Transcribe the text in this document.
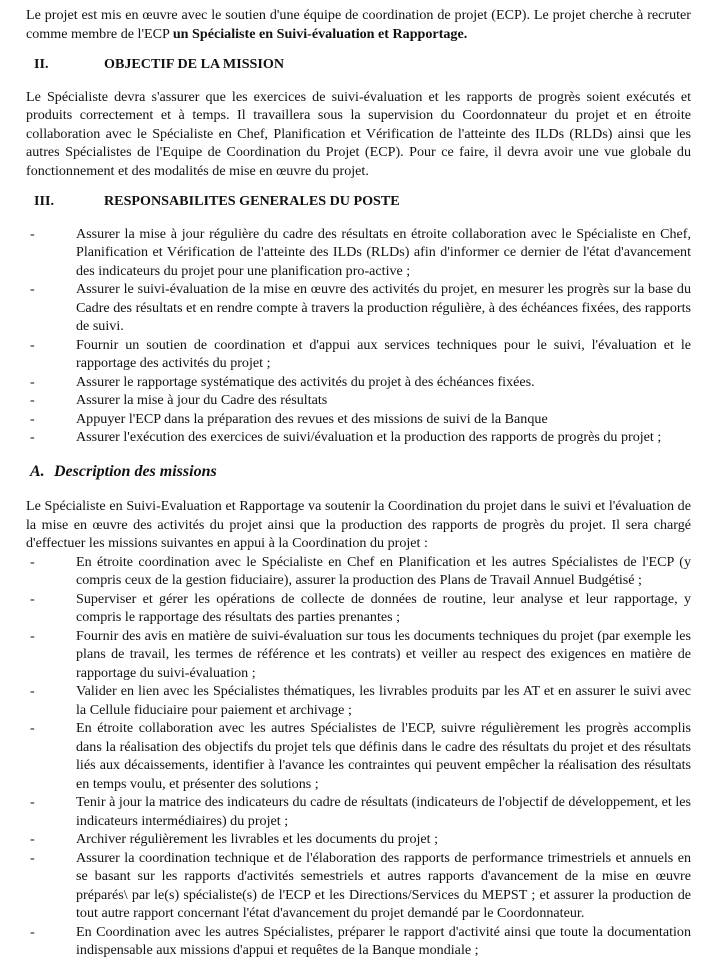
Le projet est mis en œuvre avec le soutien d'une équipe de coordination de projet (ECP). Le projet cherche à recruter comme membre de l'ECP un Spécialiste en Suivi-évaluation et Rapportage.

II.	OBJECTIF DE LA MISSION

Le Spécialiste devra s'assurer que les exercices de suivi-évaluation et les rapports de progrès soient exécutés et produits correctement et à temps. Il travaillera sous la supervision du Coordonnateur du projet et en étroite collaboration avec le Spécialiste en Chef, Planification et Vérification de l'atteinte des ILDs (RLDs) ainsi que les autres Spécialistes de l'Equipe de Coordination du Projet (ECP). Pour ce faire, il devra avoir une vue globale du fonctionnement et des modalités de mise en œuvre du projet.

III.	RESPONSABILITES GENERALES DU POSTE
- Assurer la mise à jour régulière du cadre des résultats en étroite collaboration avec le Spécialiste en Chef, Planification et Vérification de l'atteinte des ILDs (RLDs) afin d'informer ce dernier de l'état d'avancement des indicateurs du projet pour une planification pro-active ;
- Assurer le suivi-évaluation de la mise en œuvre des activités du projet, en mesurer les progrès sur la base du Cadre des résultats et en rendre compte à travers la production régulière, à des échéances fixées, des rapports de suivi.
- Fournir un soutien de coordination et d'appui aux services techniques pour le suivi, l'évaluation et le rapportage des activités du projet ;
- Assurer le rapportage systématique des activités du projet à des échéances fixées.
- Assurer la mise à jour du Cadre des résultats
- Appuyer l'ECP dans la préparation des revues et des missions de suivi de la Banque
- Assurer l'exécution des exercices de suivi/évaluation et la production des rapports de progrès du projet ;
A. Description des missions

Le Spécialiste en Suivi-Evaluation et Rapportage va soutenir la Coordination du projet dans le suivi et l'évaluation de la mise en œuvre des activités du projet ainsi que la production des rapports de progrès du projet. Il sera chargé d'effectuer les missions suivantes en appui à la Coordination du projet :

- En étroite coordination avec le Spécialiste en Chef en Planification et les autres Spécialistes de l'ECP (y compris ceux de la gestion fiduciaire), assurer la production des Plans de Travail Annuel Budgétisé ;
- Superviser et gérer les opérations de collecte de données de routine, leur analyse et leur rapportage, y compris le rapportage des résultats des parties prenantes ;
- Fournir des avis en matière de suivi-évaluation sur tous les documents techniques du projet (par exemple les plans de travail, les termes de référence et les contrats) et veiller au respect des exigences en matière de rapportage du suivi-évaluation ;
- Valider en lien avec les Spécialistes thématiques, les livrables produits par les AT et en assurer le suivi avec la Cellule fiduciaire pour paiement et archivage ;
- En étroite collaboration avec les autres Spécialistes de l'ECP, suivre régulièrement les progrès accomplis dans la réalisation des objectifs du projet tels que définis dans le cadre des résultats du projet et des résultats liés aux décaissements, identifier à l'avance les contraintes qui peuvent empêcher la réalisation des résultats en temps voulu, et présenter des solutions ;
- Tenir à jour la matrice des indicateurs du cadre de résultats (indicateurs de l'objectif de développement, et les indicateurs intermédiaires) du projet ;
- Archiver régulièrement les livrables et les documents du projet ;
- Assurer la coordination technique et de l'élaboration des rapports de performance trimestriels et annuels en se basant sur les rapports d'activités semestriels et autres rapports d'avancement de la mise en œuvre préparés\ par le(s) spécialiste(s) de l'ECP et les Directions/Services du MEPST ; et assurer la production de tout autre rapport concernant l'état d'avancement du projet demandé par le Coordonnateur.
- En Coordination avec les autres Spécialistes, préparer le rapport d'activité ainsi que toute la documentation indispensable aux missions d'appui et requêtes de la Banque mondiale ;
